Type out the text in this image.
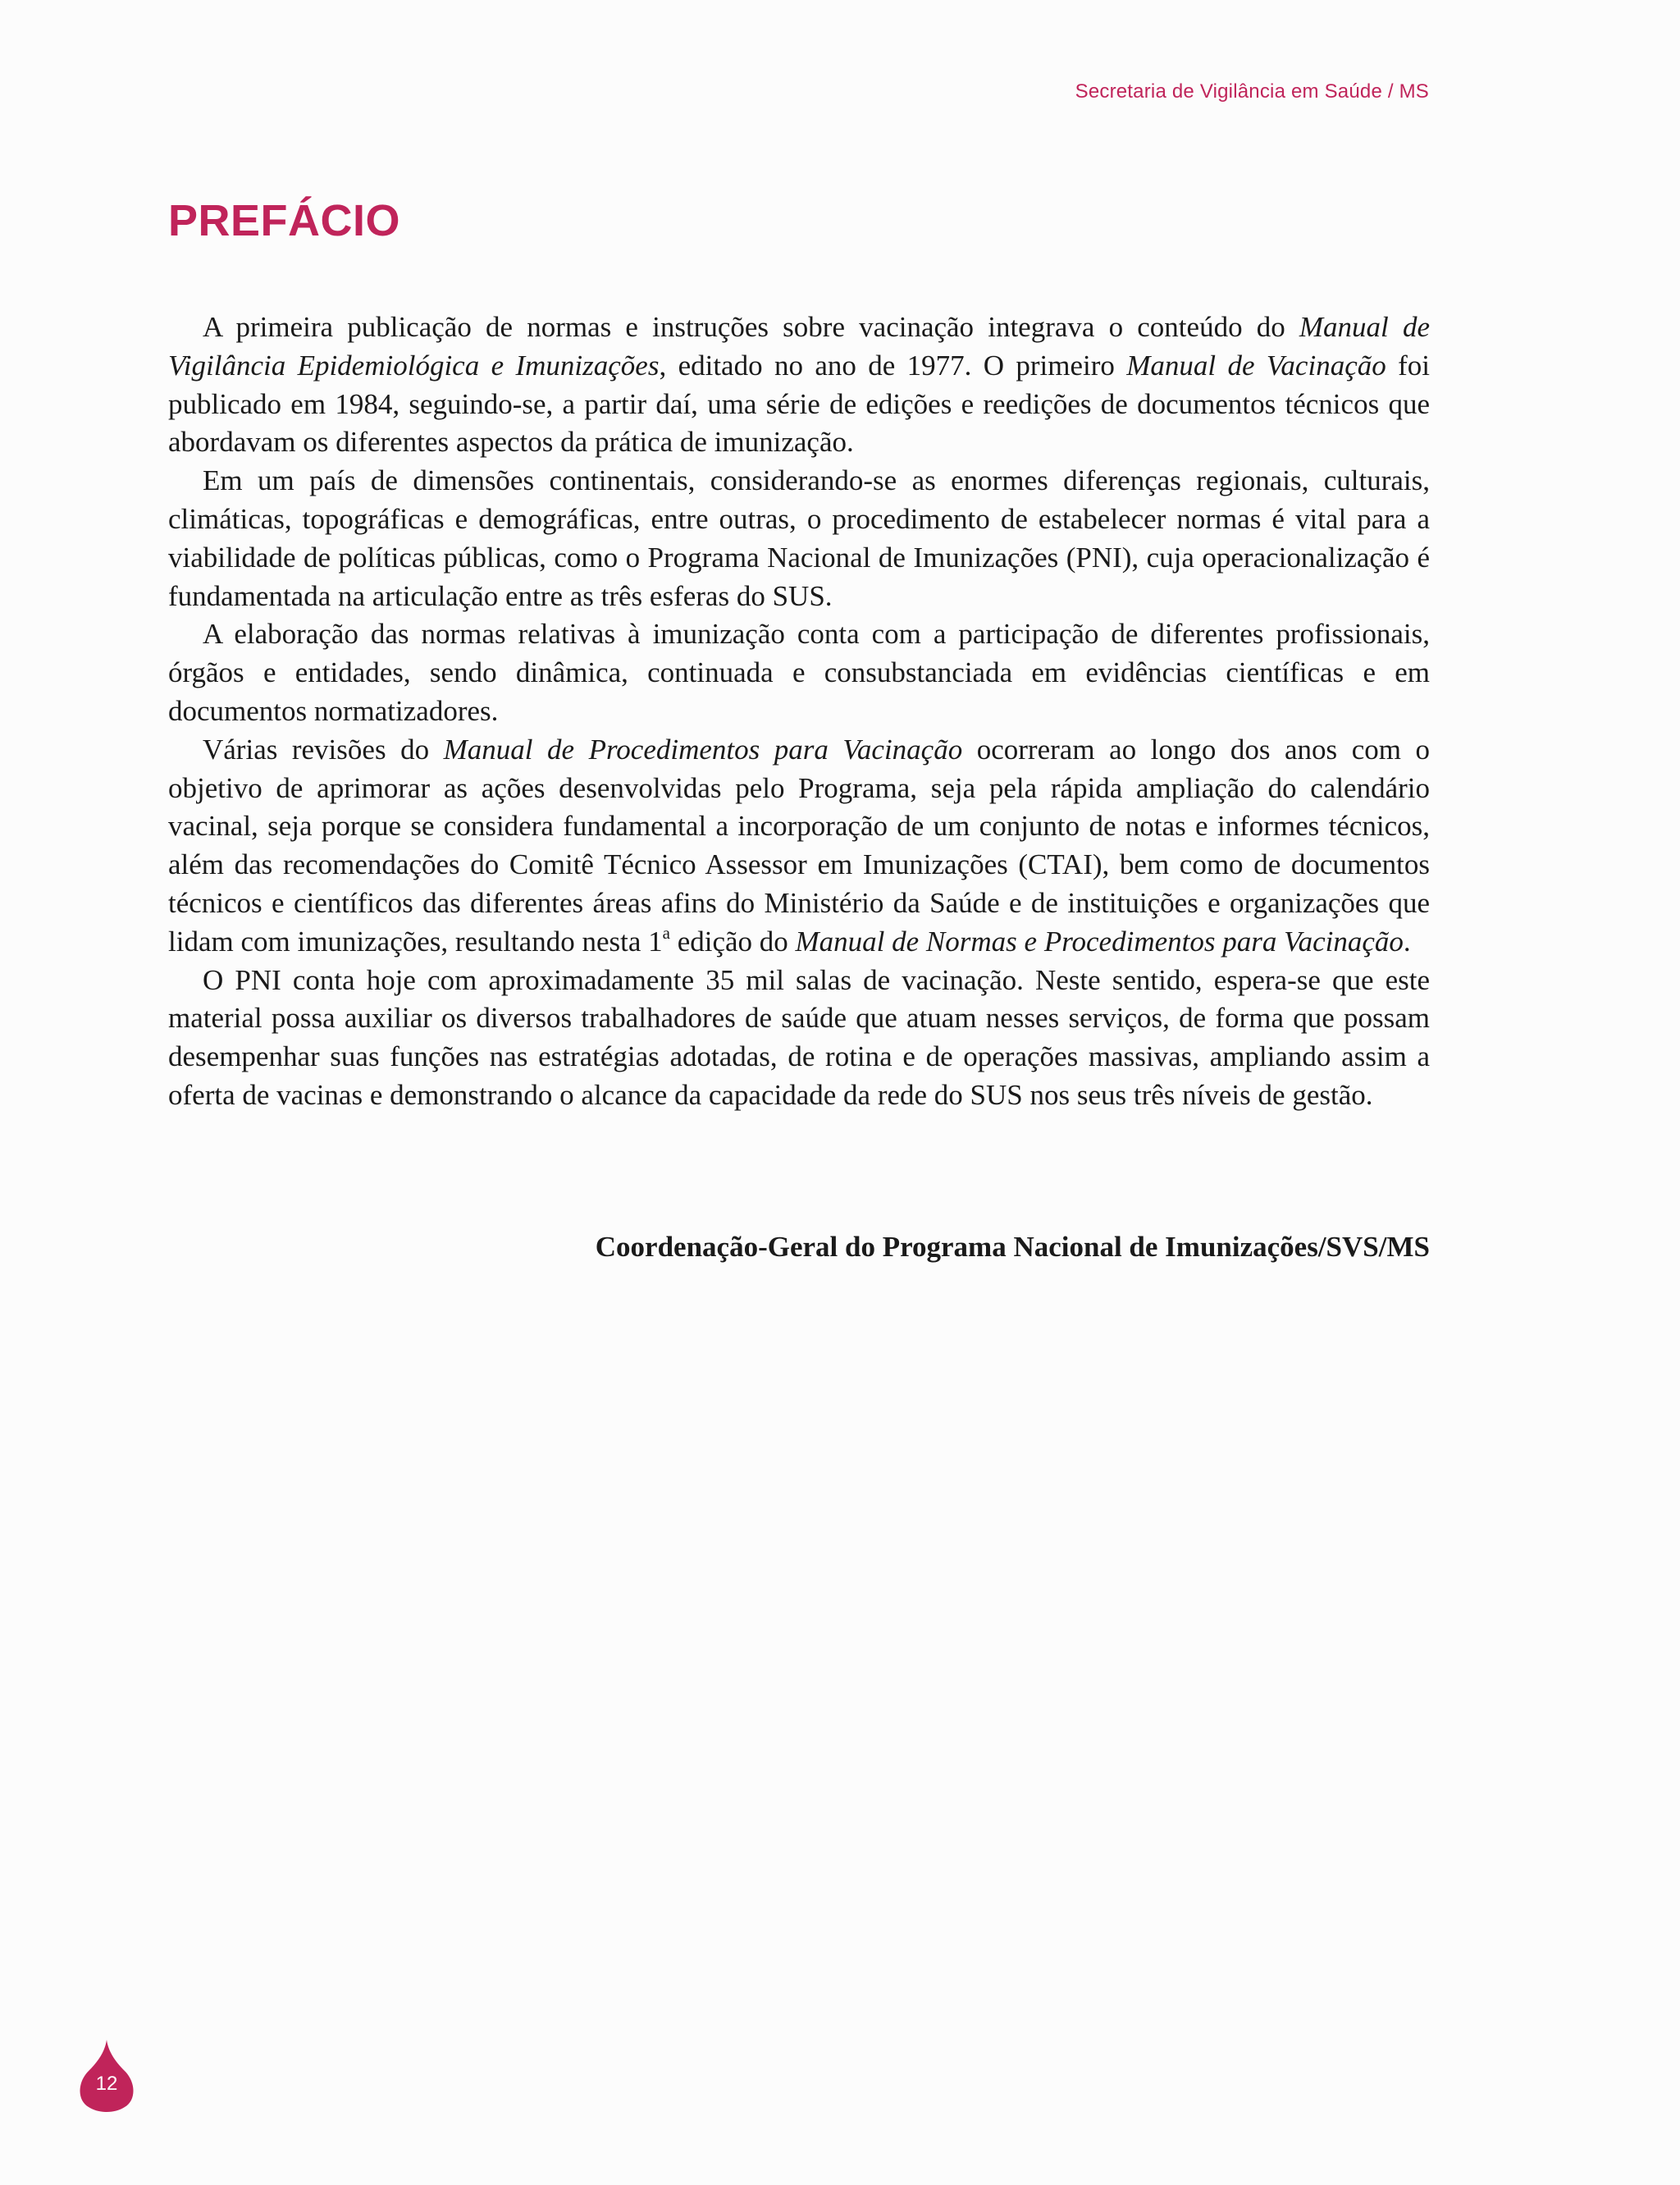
Secretaria de Vigilância em Saúde / MS
PREFÁCIO

A primeira publicação de normas e instruções sobre vacinação integrava o conteúdo do Manual de Vigilância Epidemiológica e Imunizações, editado no ano de 1977. O primeiro Manual de Vacinação foi publicado em 1984, seguindo-se, a partir daí, uma série de edições e reedições de documentos técnicos que abordavam os diferentes aspectos da prática de imunização.

Em um país de dimensões continentais, considerando-se as enormes diferenças regionais, culturais, climáticas, topográficas e demográficas, entre outras, o procedimento de estabelecer normas é vital para a viabilidade de políticas públicas, como o Programa Nacional de Imunizações (PNI), cuja operacionalização é fundamentada na articulação entre as três esferas do SUS.

A elaboração das normas relativas à imunização conta com a participação de diferentes profissionais, órgãos e entidades, sendo dinâmica, continuada e consubstanciada em evidências científicas e em documentos normatizadores.

Várias revisões do Manual de Procedimentos para Vacinação ocorreram ao longo dos anos com o objetivo de aprimorar as ações desenvolvidas pelo Programa, seja pela rápida ampliação do calendário vacinal, seja porque se considera fundamental a incorporação de um conjunto de notas e informes técnicos, além das recomendações do Comitê Técnico Assessor em Imunizações (CTAI), bem como de documentos técnicos e científicos das diferentes áreas afins do Ministério da Saúde e de instituições e organizações que lidam com imunizações, resultando nesta 1$^a$ edição do Manual de Normas e Procedimentos para Vacinação.

O PNI conta hoje com aproximadamente 35 mil salas de vacinação. Neste sentido, espera-se que este material possa auxiliar os diversos trabalhadores de saúde que atuam nesses serviços, de forma que possam desempenhar suas funções nas estratégias adotadas, de rotina e de operações massivas, ampliando assim a oferta de vacinas e demonstrando o alcance da capacidade da rede do SUS nos seus três níveis de gestão.

Coordenação-Geral do Programa Nacional de Imunizações/SVS/MS
12
